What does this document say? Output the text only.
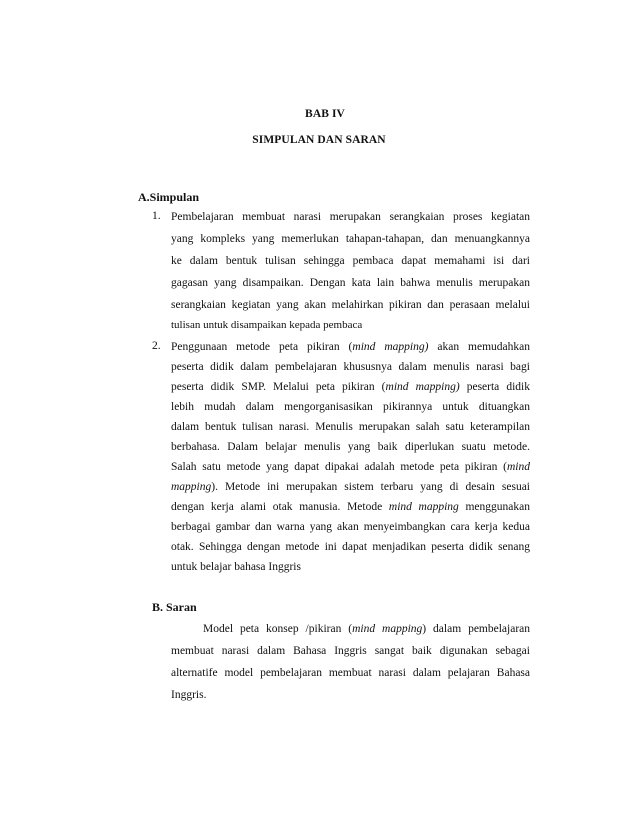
BAB IV
SIMPULAN DAN SARAN
A.Simpulan
1. Pembelajaran membuat narasi merupakan serangkaian proses kegiatan
yang kompleks yang memerlukan tahapan-tahapan, dan menuangkannya
ke dalam bentuk tulisan sehingga pembaca dapat memahami isi dari
gagasan yang disampaikan. Dengan kata lain bahwa menulis merupakan
serangkaian kegiatan yang akan melahirkan pikiran dan perasaan melalui
tulisan untuk disampaikan kepada pembaca
2. Penggunaan metode peta pikiran (mind mapping) akan memudahkan
peserta didik dalam pembelajaran khususnya dalam menulis narasi bagi
peserta didik SMP. Melalui peta pikiran (mind mapping) peserta didik
lebih mudah dalam mengorganisasikan pikirannya untuk dituangkan
dalam bentuk tulisan narasi. Menulis merupakan salah satu keterampilan
berbahasa. Dalam belajar menulis yang baik diperlukan suatu metode.
Salah satu metode yang dapat dipakai adalah metode peta pikiran (mind
mapping). Metode ini merupakan sistem terbaru yang di desain sesuai
dengan kerja alami otak manusia. Metode mind mapping menggunakan
berbagai gambar dan warna yang akan menyeimbangkan cara kerja kedua
otak. Sehingga dengan metode ini dapat menjadikan peserta didik senang
untuk belajar bahasa Inggris
B. Saran
Model peta konsep /pikiran (mind mapping) dalam pembelajaran
membuat narasi dalam Bahasa Inggris sangat baik digunakan sebagai
alternatife model pembelajaran membuat narasi dalam pelajaran Bahasa
Inggris.
